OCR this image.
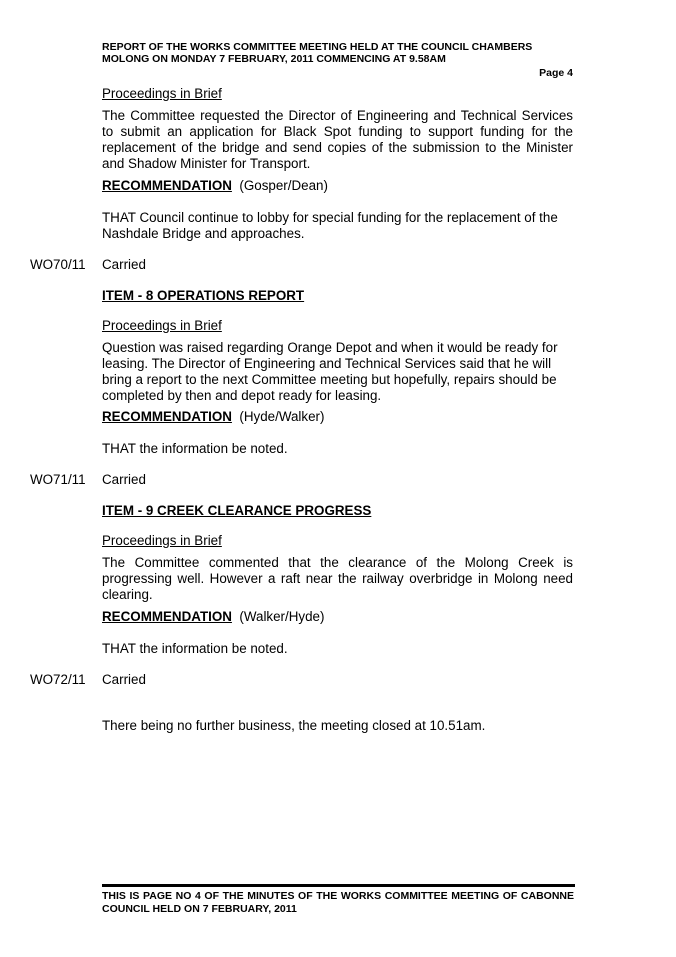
REPORT OF THE WORKS COMMITTEE MEETING HELD AT THE COUNCIL CHAMBERS MOLONG ON MONDAY 7 FEBRUARY, 2011 COMMENCING AT 9.58AM
Page 4
Proceedings in Brief
The Committee requested the Director of Engineering and Technical Services to submit an application for Black Spot funding to support funding for the replacement of the bridge and send copies of the submission to the Minister and Shadow Minister for Transport.
RECOMMENDATION (Gosper/Dean)
THAT Council continue to lobby for special funding for the replacement of the Nashdale Bridge and approaches.
WO70/11 Carried
ITEM - 8 OPERATIONS REPORT
Proceedings in Brief
Question was raised regarding Orange Depot and when it would be ready for leasing. The Director of Engineering and Technical Services said that he will bring a report to the next Committee meeting but hopefully, repairs should be completed by then and depot ready for leasing.
RECOMMENDATION (Hyde/Walker)
THAT the information be noted.
WO71/11 Carried
ITEM - 9 CREEK CLEARANCE PROGRESS
Proceedings in Brief
The Committee commented that the clearance of the Molong Creek is progressing well. However a raft near the railway overbridge in Molong need clearing.
RECOMMENDATION (Walker/Hyde)
THAT the information be noted.
WO72/11 Carried
There being no further business, the meeting closed at 10.51am.
THIS IS PAGE NO 4 OF THE MINUTES OF THE WORKS COMMITTEE MEETING OF CABONNE COUNCIL HELD ON 7 FEBRUARY, 2011
